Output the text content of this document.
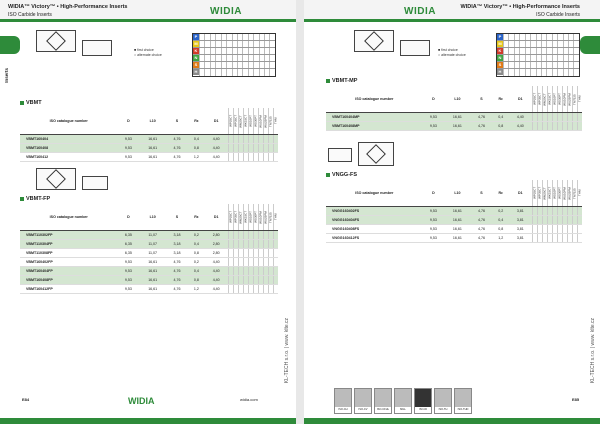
WIDIA™ Victory™ • High-Performance Inserts
ISO Carbide Inserts	WIDIA
Inserts
■ first choice
○ alternate choice
P
M
K
N
S
H
VBMT
ISO catalogue number	D	L10	S	Rε	D1	WP25CT	WP35CT	WM25CT	WK15CT	WS10PT	WS30PT	WU10PM	WU25PM	TN7525	THM
VBMT160404	9,53	16,61	4,76	0,4	4,40										
VBMT160408	9,53	16,61	4,76	0,8	4,40										
VBMT160412	9,53	16,61	4,76	1,2	4,40										
VBMT-FP
ISO catalogue number	D	L10	S	Rε	D1	WP25CT	WP35CT	WM25CT	WK15CT	WS10PT	WS30PT	WU10PM	WU25PM	TN7525	THM
VBMT110302FP	6,35	11,07	3,18	0,2	2,80										
VBMT110304FP	6,35	11,07	3,18	0,4	2,80										
VBMT110308FP	6,35	11,07	3,18	0,8	2,80										
VBMT160402FP	9,53	16,61	4,76	0,2	4,40										
VBMT160404FP	9,53	16,61	4,76	0,4	4,40										
VBMT160408FP	9,53	16,61	4,76	0,8	4,40										
VBMT160412FP	9,53	16,61	4,76	1,2	4,40										
KL-TECH s.r.o. | www. klte.cz
E84	WIDIA	widia.com
WIDIA	WIDIA™ Victory™ • High-Performance Inserts
ISO Carbide Inserts
■ first choice
○ alternate choice
P
M
K
N
S
H
VBMT-MP
ISO catalogue number	D	L10	S	Rε	D1	WP25CT	WP35CT	WM25CT	WK15CT	WS10PT	WS30PT	WU10PM	WU25PM	TN7525	THM
VBMT160404MP	9,53	16,61	4,76	0,4	4,40										
VBMT160408MP	9,53	16,61	4,76	0,8	4,40										
VNGG-FS
ISO catalogue number	D	L10	S	Rε	D1	WP25CT	WP35CT	WM25CT	WK15CT	WS10PT	WS30PT	WU10PM	WU25PM	TN7525	THM
VNGG160402FS	9,53	16,61	4,76	0,2	3,81										
VNGG160404FS	9,53	16,61	4,76	0,4	3,81										
VNGG160408FS	9,53	16,61	4,76	0,8	3,81										
VNGG160412FS	9,53	16,61	4,76	1,2	3,81										
KL-TECH s.r.o. | www. klte.cz
ISO-CH	ISO-CV	ISO-CFHL	MILL	ISO-ID	ISO-TH	ISO-THD
E85
